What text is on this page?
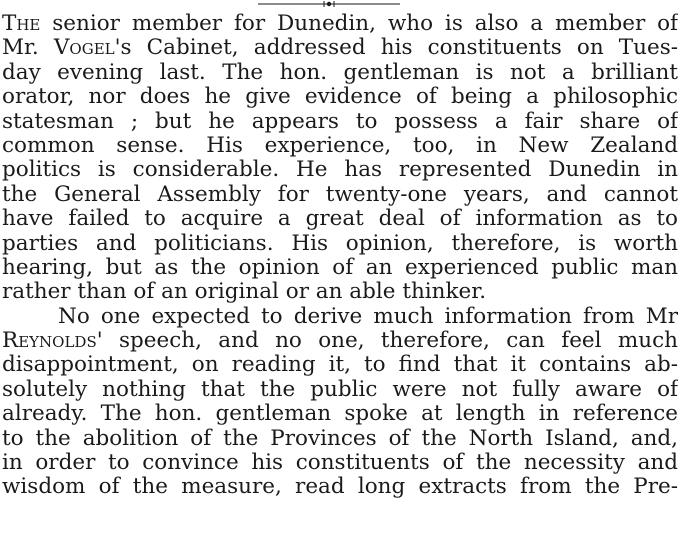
The senior member for Dunedin, who is also a member of
Mr. Vogel's Cabinet, addressed his constituents on Tues-
day evening last. The hon. gentleman is not a brilliant
orator, nor does he give evidence of being a philosophic
statesman ; but he appears to possess a fair share of
common sense. His experience, too, in New Zealand
politics is considerable. He has represented Dunedin in
the General Assembly for twenty-one years, and cannot
have failed to acquire a great deal of information as to
parties and politicians. His opinion, therefore, is worth
hearing, but as the opinion of an experienced public man
rather than of an original or an able thinker.
No one expected to derive much information from Mr
Reynolds' speech, and no one, therefore, can feel much
disappointment, on reading it, to find that it contains ab-
solutely nothing that the public were not fully aware of
already. The hon. gentleman spoke at length in reference
to the abolition of the Provinces of the North Island, and,
in order to convince his constituents of the necessity and
wisdom of the measure, read long extracts from the Pre-
